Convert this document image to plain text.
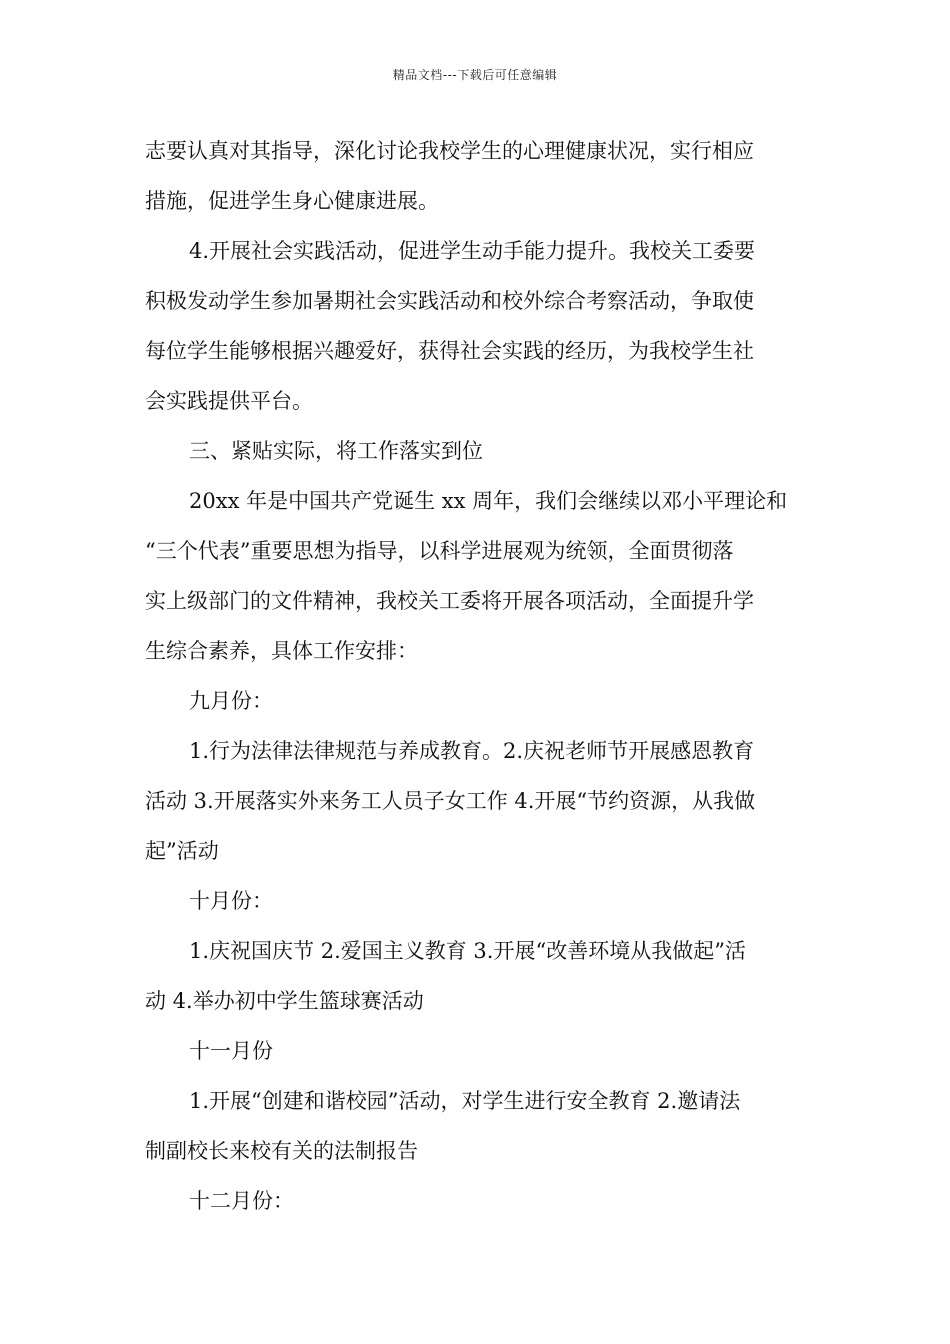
精品文档---下载后可任意编辑
志要认真对其指导，深化讨论我校学生的心理健康状况，实行相应
措施，促进学生身心健康进展。
4.开展社会实践活动，促进学生动手能力提升。我校关工委要
积极发动学生参加暑期社会实践活动和校外综合考察活动，争取使
每位学生能够根据兴趣爱好，获得社会实践的经历，为我校学生社
会实践提供平台。
三、紧贴实际，将工作落实到位
20xx 年是中国共产党诞生 xx 周年，我们会继续以邓小平理论和
“三个代表”重要思想为指导，以科学进展观为统领，全面贯彻落
实上级部门的文件精神，我校关工委将开展各项活动，全面提升学
生综合素养，具体工作安排：
九月份：
1.行为法律法律规范与养成教育。2.庆祝老师节开展感恩教育
活动 3.开展落实外来务工人员子女工作 4.开展“节约资源，从我做
起”活动
十月份：
1.庆祝国庆节 2.爱国主义教育 3.开展“改善环境从我做起”活
动 4.举办初中学生篮球赛活动
十一月份
1.开展“创建和谐校园”活动，对学生进行安全教育 2.邀请法
制副校长来校有关的法制报告
十二月份：
